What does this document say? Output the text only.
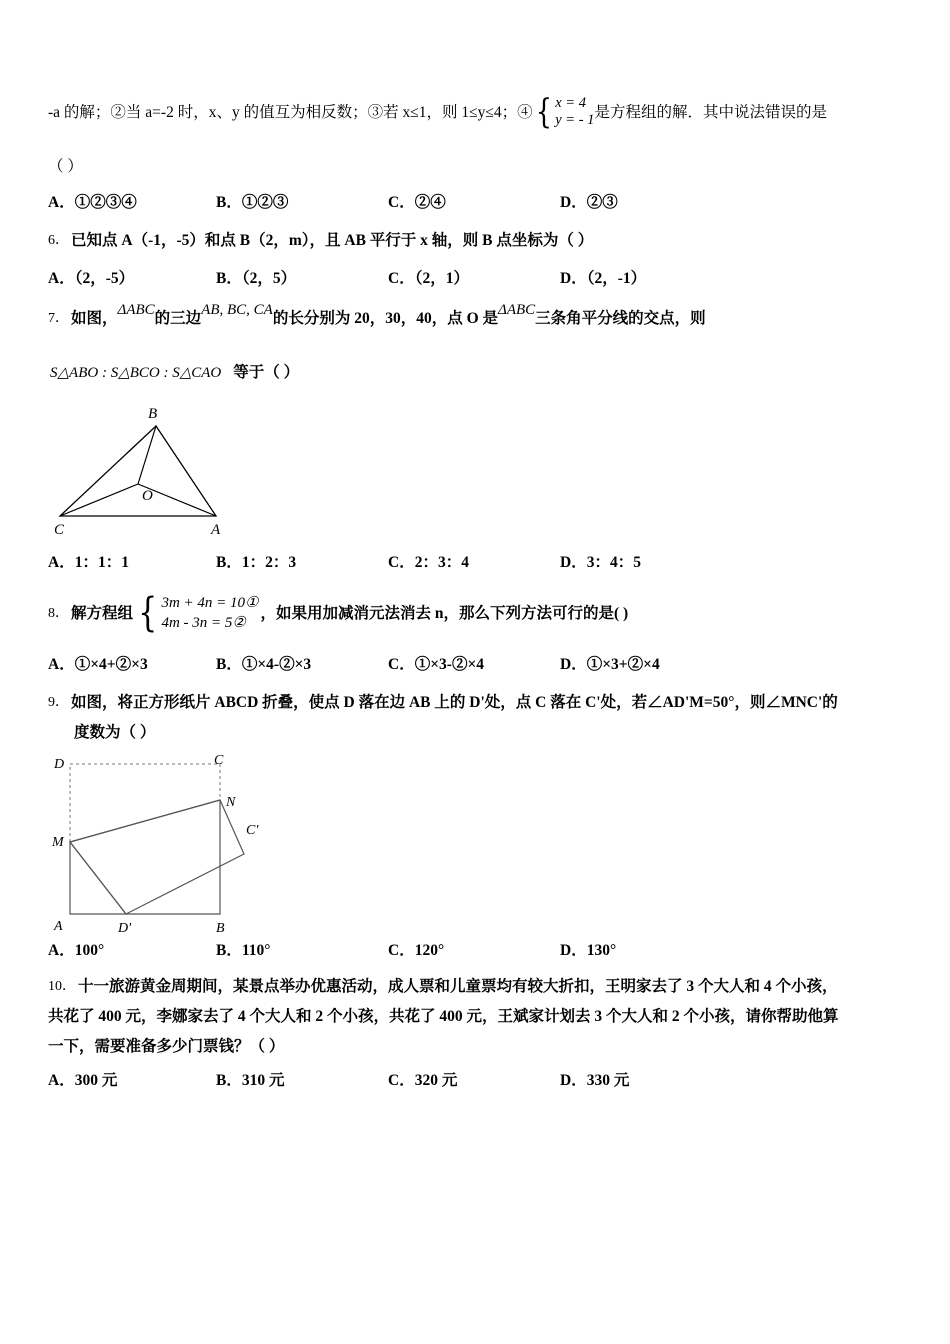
‑a 的解；②当 a=‑2 时，x、y 的值互为相反数；③若 x≤1，则 1≤y≤4；④ { x = 4
y = - 1 是方程组的解．其中说法错误的是
（ ）
A．①②③④	B．①②③	C．②④	D．②③
6． 已知点 A（‑1，‑5）和点 B（2，m），且 AB 平行于 x 轴，则 B 点坐标为（ ）
A．（2，‑5）	B．（2，5）	C．（2，1）	D．（2，‑1）
7． 如图， ΔABC 的三边 AB, BC, CA 的长分别为 20，30，40，点 O 是 ΔABC 三条角平分线的交点，则
S△ABO : S△BCO : S△CAO 等于（ ）
B
O
C	A
A．1：1：1	B．1：2：3	C．2：3：4	D．3：4：5
8． 解方程组 { 3m + 4n = 10①
4m - 3n = 5②
，如果用加减消元法消去 n，那么下列方法可行的是( )
A．①×4+②×3	B．①×4-②×3	C．①×3-②×4	D．①×3+②×4
9． 如图，将正方形纸片 ABCD 折叠，使点 D 落在边 AB 上的 D'处，点 C 落在 C'处，若∠AD'M=50°，则∠MNC'的
度数为（ ）
D	C
N
C'
M
A	D'	B
A．100°	B．110°	C．120°	D．130°
10． 十一旅游黄金周期间，某景点举办优惠活动，成人票和儿童票均有较大折扣，王明家去了 3 个大人和 4 个小孩，
共花了 400 元，李娜家去了 4 个大人和 2 个小孩，共花了 400 元，王斌家计划去 3 个大人和 2 个小孩，请你帮助他算
一下，需要准备多少门票钱？（ ）
A．300 元	B．310 元	C．320 元	D．330 元
